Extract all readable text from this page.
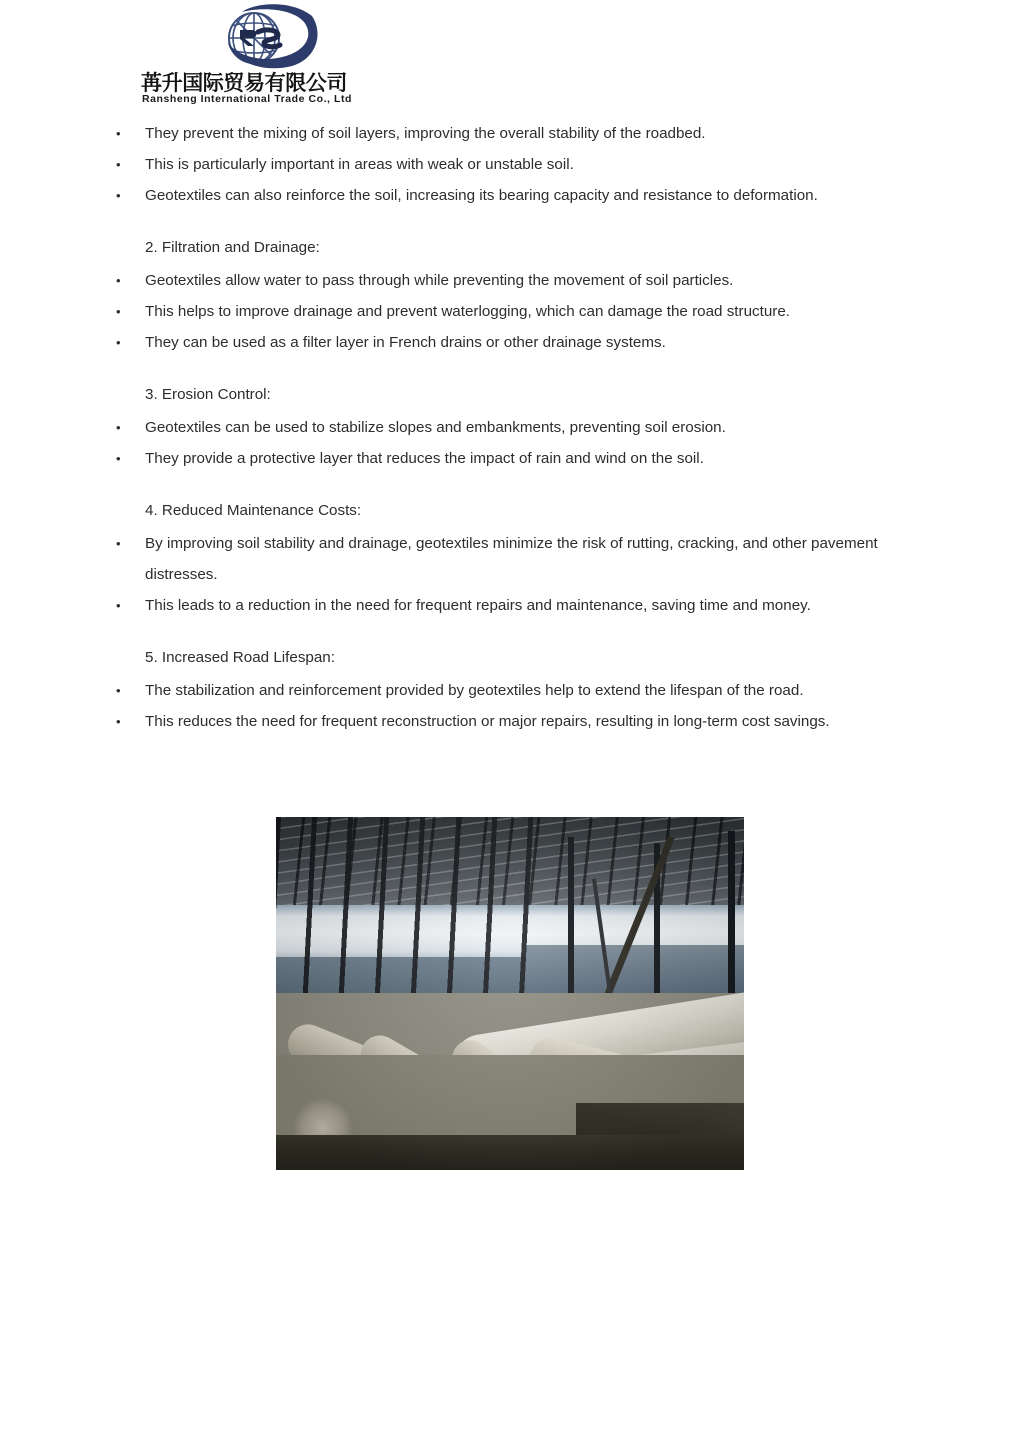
苒升国际贸易有限公司
Ransheng International Trade Co., Ltd
•	They prevent the mixing of soil layers, improving the overall stability of the roadbed.
•	This is particularly important in areas with weak or unstable soil.
•	Geotextiles can also reinforce the soil, increasing its bearing capacity and resistance to deformation.
2. Filtration and Drainage:
•	Geotextiles allow water to pass through while preventing the movement of soil particles.
•	This helps to improve drainage and prevent waterlogging, which can damage the road structure.
•	They can be used as a filter layer in French drains or other drainage systems.
3. Erosion Control:
•	Geotextiles can be used to stabilize slopes and embankments, preventing soil erosion.
•	They provide a protective layer that reduces the impact of rain and wind on the soil.
4. Reduced Maintenance Costs:
•	By improving soil stability and drainage, geotextiles minimize the risk of rutting, cracking, and other pavement distresses.
•	This leads to a reduction in the need for frequent repairs and maintenance, saving time and money.
5. Increased Road Lifespan:
•	The stabilization and reinforcement provided by geotextiles help to extend the lifespan of the road.
•	This reduces the need for frequent reconstruction or major repairs, resulting in long-term cost savings.
